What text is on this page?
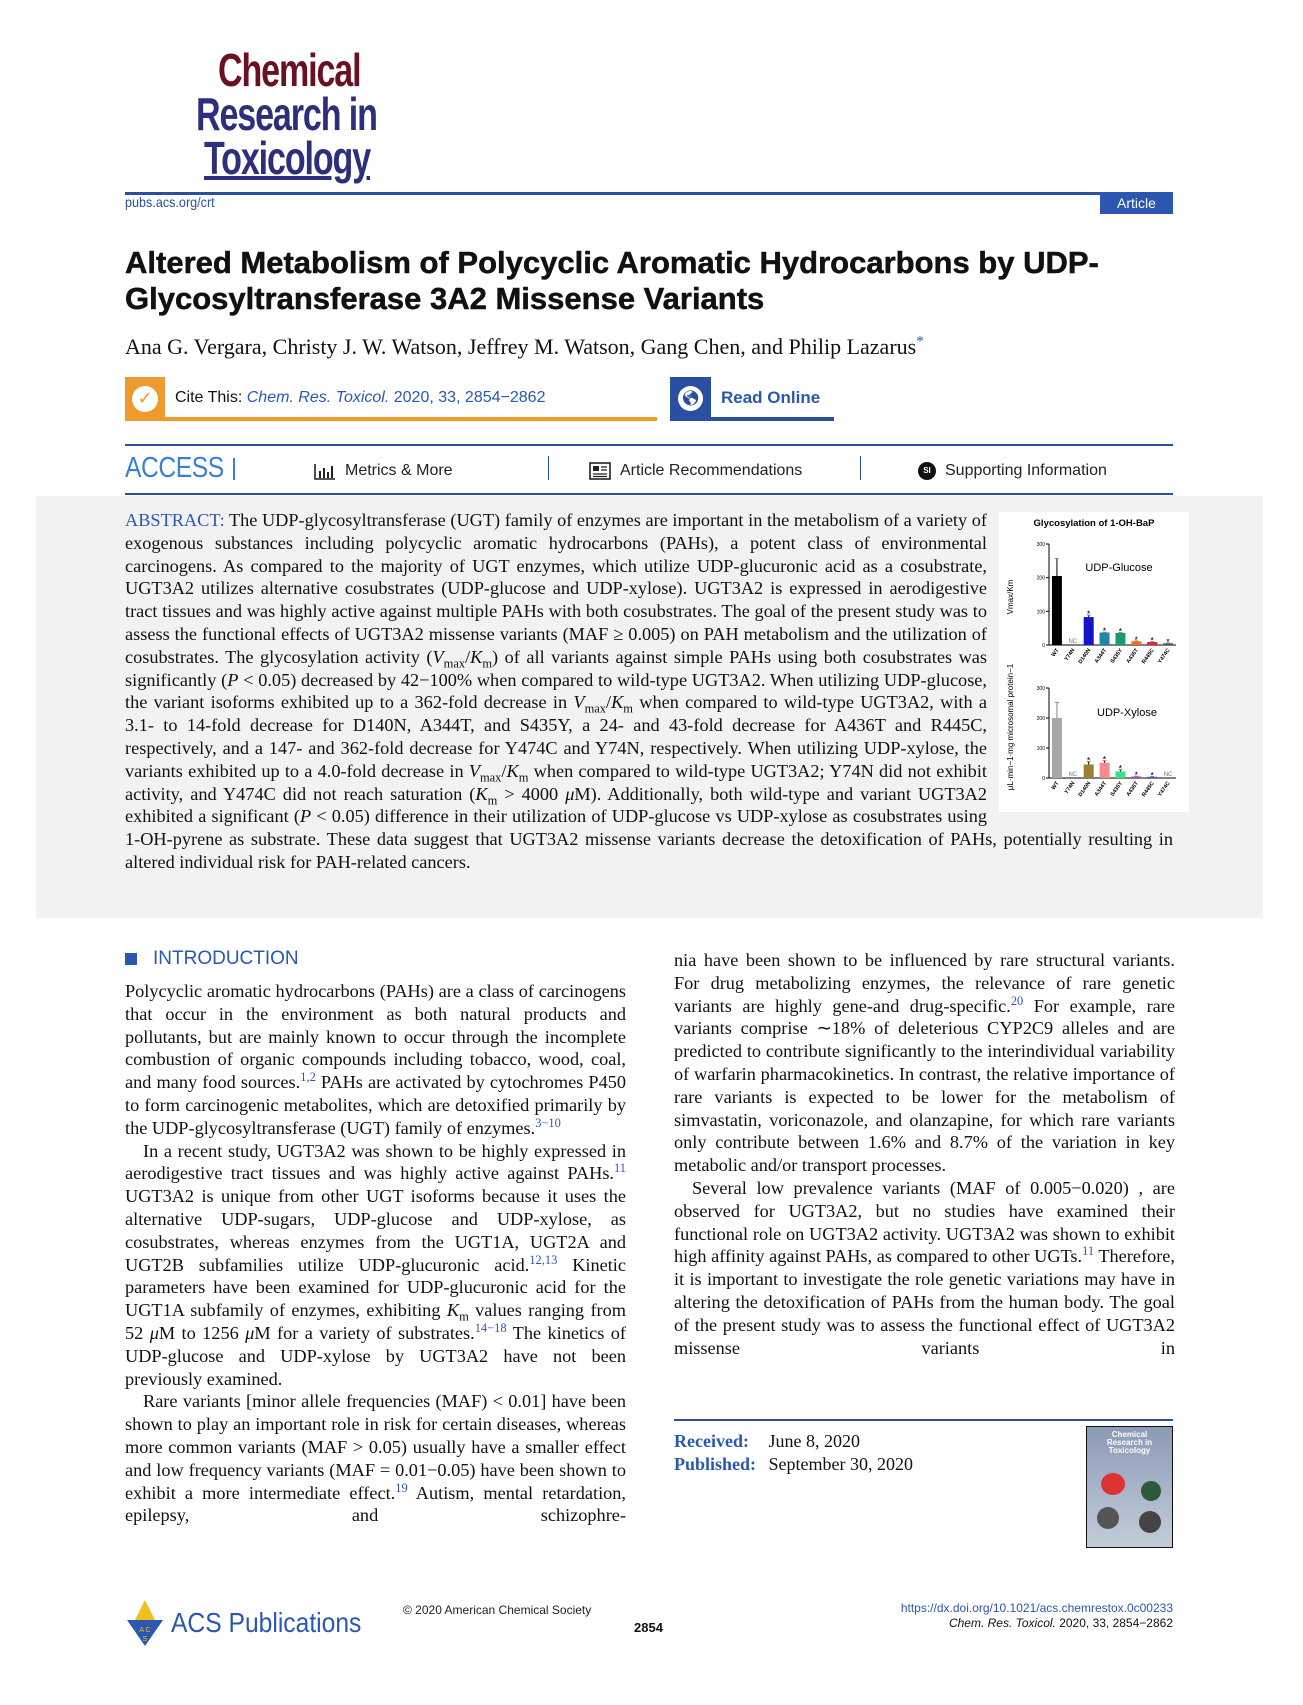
Chemical
Research in
Toxicology
pubs.acs.org/crt	Article
Altered Metabolism of Polycyclic Aromatic Hydrocarbons by UDP-
Glycosyltransferase 3A2 Missense Variants
Ana G. Vergara, Christy J. W. Watson, Jeffrey M. Watson, Gang Chen, and Philip Lazarus*
✓	Cite This: Chem. Res. Toxicol. 2020, 33, 2854−2862	🌎︎ Read Online
ACCESS	Metrics & More	Article Recommendations	SI Supporting Information
Glycosylation of 1-OH-BaP
μL·min−1·mg microsomal protein−1
Vmax/Km
0
100
200
300
UDP-Glucose
WT
NC
Y74N
*
D140N
*
A344T
*
S435Y
*
A436T
*
R445C
*
Y474C
0
100
200
300
UDP-Xylose
WT
NC
Y74N
*
D140N
*
A344T
*
S435Y
*
A436T
*
R445C
NC
Y474C
ABSTRACT: The UDP-glycosyltransferase (UGT) family of enzymes are important in the metabolism of a variety of exogenous substances including polycyclic aromatic hydrocarbons (PAHs), a potent class of environmental carcinogens. As compared to the majority of UGT enzymes, which utilize UDP-glucuronic acid as a cosubstrate, UGT3A2 utilizes alternative cosubstrates (UDP-glucose and UDP-xylose). UGT3A2 is expressed in aerodigestive tract tissues and was highly active against multiple PAHs with both cosubstrates. The goal of the present study was to assess the functional effects of UGT3A2 missense variants (MAF ≥ 0.005) on PAH metabolism and the utilization of cosubstrates. The glycosylation activity $(V_{max}/K_m)$ of all variants against simple PAHs using both cosubstrates was significantly (P < 0.05) decreased by 42−100% when compared to wild-type UGT3A2. When utilizing UDP-glucose, the variant isoforms exhibited up to a 362-fold decrease in $V_{max}/K_m$ when compared to wild-type UGT3A2, with a 3.1- to 14-fold decrease for D140N, A344T, and S435Y, a 24- and 43-fold decrease for A436T and R445C, respectively, and a 147- and 362-fold decrease for Y474C and Y74N, respectively. When utilizing UDP-xylose, the variants exhibited up to a 4.0-fold decrease in $V_{max}/K_m$ when compared to wild-type UGT3A2; Y74N did not exhibit activity, and Y474C did not reach saturation ($K_m > 4000$ μM). Additionally, both wild-type and variant UGT3A2 exhibited a significant (P < 0.05) difference in their utilization of UDP-glucose vs UDP-xylose as cosubstrates using 1-OH-pyrene as substrate. These data suggest that UGT3A2 missense variants decrease the detoxification of PAHs, potentially resulting in altered individual risk for PAH-related cancers.
INTRODUCTION

Polycyclic aromatic hydrocarbons (PAHs) are a class of carcinogens that occur in the environment as both natural products and pollutants, but are mainly known to occur through the incomplete combustion of organic compounds including tobacco, wood, coal, and many food sources.$^{1,2}$ PAHs are activated by cytochromes P450 to form carcinogenic metabolites, which are detoxified primarily by the UDP-glycosyltransferase (UGT) family of enzymes.$^{3-10}$

In a recent study, UGT3A2 was shown to be highly expressed in aerodigestive tract tissues and was highly active against PAHs.$^{11}$ UGT3A2 is unique from other UGT isoforms because it uses the alternative UDP-sugars, UDP-glucose and UDP-xylose, as cosubstrates, whereas enzymes from the UGT1A, UGT2A and UGT2B subfamilies utilize UDP-glucuronic acid.$^{12,13}$ Kinetic parameters have been examined for UDP-glucuronic acid for the UGT1A subfamily of enzymes, exhibiting $K_m$ values ranging from 52 μM to 1256 μM for a variety of substrates.$^{14-18}$ The kinetics of UDP-glucose and UDP-xylose by UGT3A2 have not been previously examined.

Rare variants [minor allele frequencies (MAF) < 0.01] have been shown to play an important role in risk for certain diseases, whereas more common variants (MAF > 0.05) usually have a smaller effect and low frequency variants (MAF = 0.01−0.05) have been shown to exhibit a more intermediate effect.$^{19}$ Autism, mental retardation, epilepsy, and schizophre-

nia have been shown to be influenced by rare structural variants. For drug metabolizing enzymes, the relevance of rare genetic variants are highly gene-and drug-specific.$^{20}$ For example, rare variants comprise ∼18% of deleterious CYP2C9 alleles and are predicted to contribute significantly to the interindividual variability of warfarin pharmacokinetics. In contrast, the relative importance of rare variants is expected to be lower for the metabolism of simvastatin, voriconazole, and olanzapine, for which rare variants only contribute between 1.6% and 8.7% of the variation in key metabolic and/or transport processes.

Several low prevalence variants (MAF of 0.005−0.020) , are observed for UGT3A2, but no studies have examined their functional role on UGT3A2 activity. UGT3A2 was shown to exhibit high affinity against PAHs, as compared to other UGTs.$^{11}$ Therefore, it is important to investigate the role genetic variations may have in altering the detoxification of PAHs from the human body. The goal of the present study was to assess the functional effect of UGT3A2 missense variants in

Received: June 8, 2020
Published: September 30, 2020
Chemical
Research in
Toxicology
A C
S
ACS Publications	© 2020 American Chemical Society
2854
https://dx.doi.org/10.1021/acs.chemrestox.0c00233
Chem. Res. Toxicol. 2020, 33, 2854−2862
